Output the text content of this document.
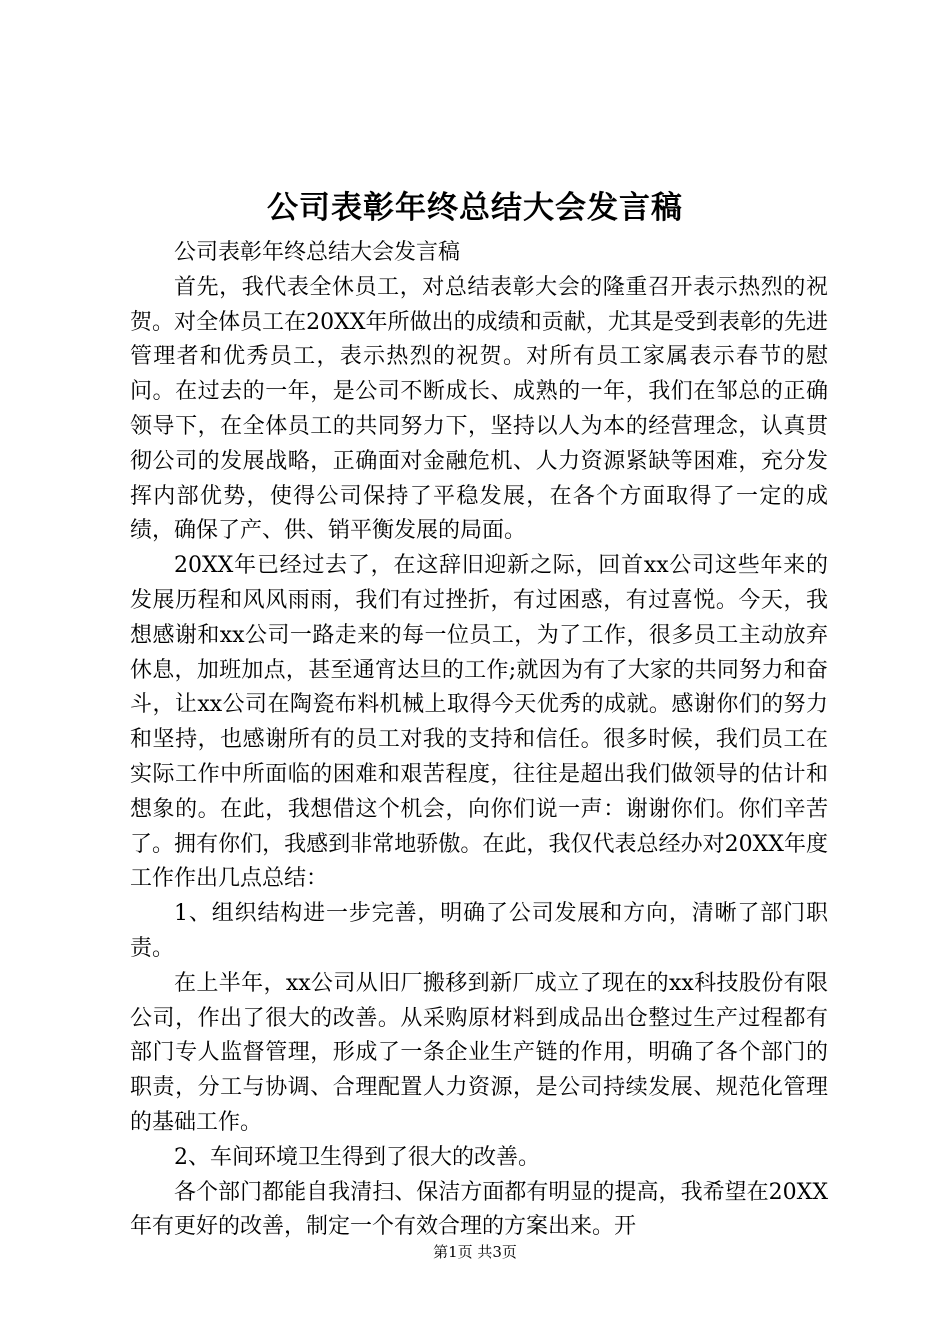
公司表彰年终总结大会发言稿

公司表彰年终总结大会发言稿

首先，我代表全休员工，对总结表彰大会的隆重召开表示热烈的祝贺。对全体员工在20XX年所做出的成绩和贡献，尤其是受到表彰的先进管理者和优秀员工，表示热烈的祝贺。对所有员工家属表示春节的慰问。在过去的一年，是公司不断成长、成熟的一年，我们在邹总的正确领导下，在全体员工的共同努力下，坚持以人为本的经营理念，认真贯彻公司的发展战略，正确面对金融危机、人力资源紧缺等困难，充分发挥内部优势，使得公司保持了平稳发展，在各个方面取得了一定的成绩，确保了产、供、销平衡发展的局面。

20XX年已经过去了，在这辞旧迎新之际，回首xx公司这些年来的发展历程和风风雨雨，我们有过挫折，有过困惑，有过喜悦。今天，我想感谢和xx公司一路走来的每一位员工，为了工作，很多员工主动放弃休息，加班加点，甚至通宵达旦的工作;就因为有了大家的共同努力和奋斗，让xx公司在陶瓷布料机械上取得今天优秀的成就。感谢你们的努力和坚持，也感谢所有的员工对我的支持和信任。很多时候，我们员工在实际工作中所面临的困难和艰苦程度，往往是超出我们做领导的估计和想象的。在此，我想借这个机会，向你们说一声：谢谢你们。你们辛苦了。拥有你们，我感到非常地骄傲。在此，我仅代表总经办对20XX年度工作作出几点总结：

1、组织结构进一步完善，明确了公司发展和方向，清晰了部门职责。

在上半年，xx公司从旧厂搬移到新厂成立了现在的xx科技股份有限公司，作出了很大的改善。从采购原材料到成品出仓整过生产过程都有部门专人监督管理，形成了一条企业生产链的作用，明确了各个部门的职责，分工与协调、合理配置人力资源，是公司持续发展、规范化管理的基础工作。

2、车间环境卫生得到了很大的改善。

各个部门都能自我清扫、保洁方面都有明显的提高，我希望在20XX年有更好的改善，制定一个有效合理的方案出来。开

第1页 共3页
